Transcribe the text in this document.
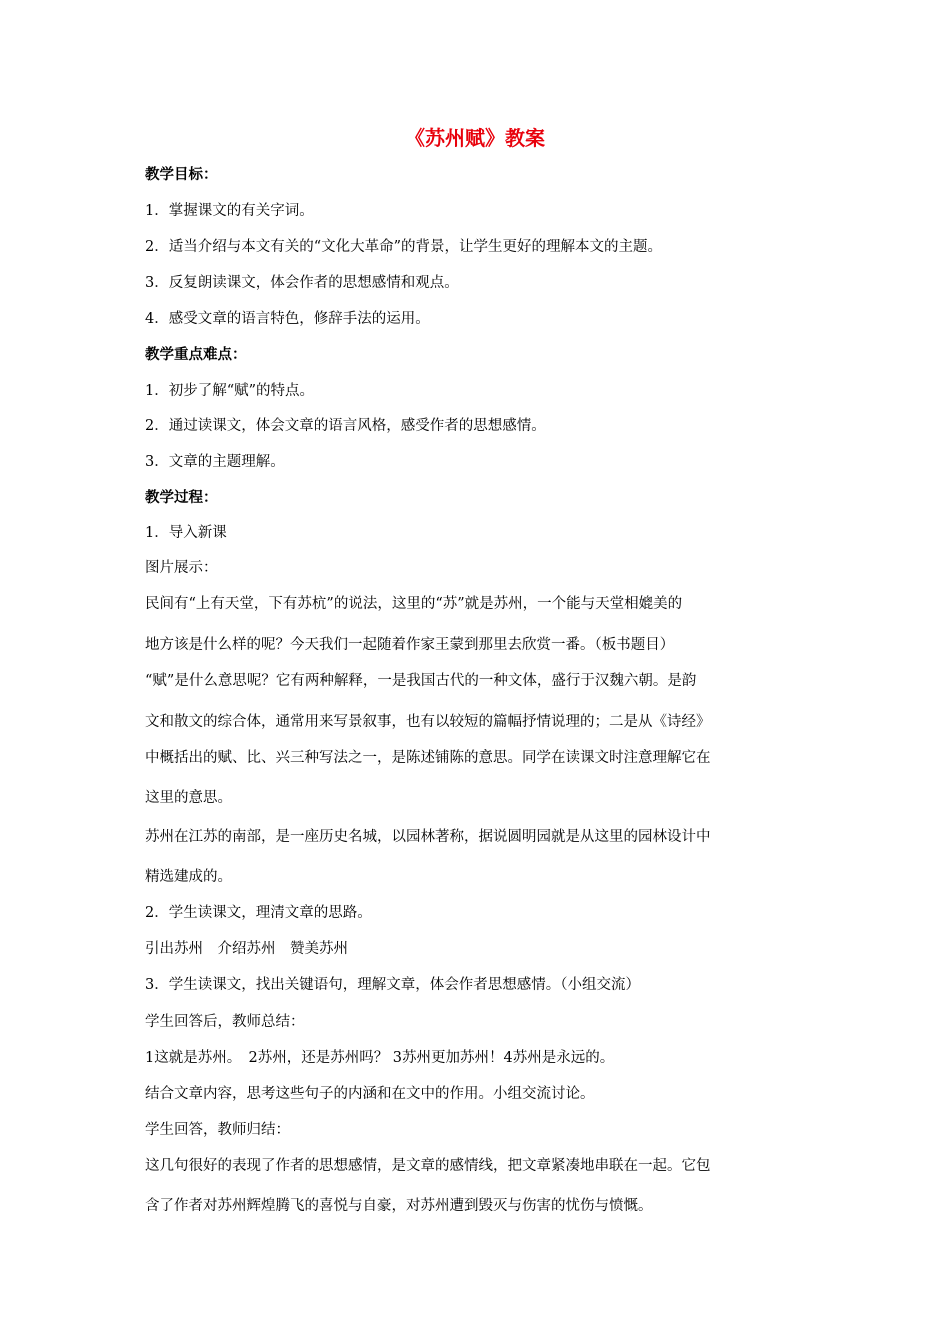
《苏州赋》教案
教学目标：
1．掌握课文的有关字词。
2．适当介绍与本文有关的“文化大革命”的背景，让学生更好的理解本文的主题。
3．反复朗读课文，体会作者的思想感情和观点。
4．感受文章的语言特色，修辞手法的运用。
教学重点难点：
1．初步了解“赋”的特点。
2．通过读课文，体会文章的语言风格，感受作者的思想感情。
3．文章的主题理解。
教学过程：
1．导入新课
图片展示：
民间有“上有天堂，下有苏杭”的说法，这里的“苏”就是苏州，一个能与天堂相媲美的
地方该是什么样的呢？今天我们一起随着作家王蒙到那里去欣赏一番。（板书题目）
“赋”是什么意思呢？它有两种解释，一是我国古代的一种文体，盛行于汉魏六朝。是韵
文和散文的综合体，通常用来写景叙事，也有以较短的篇幅抒情说理的；二是从《诗经》
中概括出的赋、比、兴三种写法之一，是陈述铺陈的意思。同学在读课文时注意理解它在
这里的意思。
苏州在江苏的南部，是一座历史名城，以园林著称，据说圆明园就是从这里的园林设计中
精选建成的。
2．学生读课文，理清文章的思路。
引出苏州　介绍苏州　赞美苏州
3．学生读课文，找出关键语句，理解文章，体会作者思想感情。（小组交流）
学生回答后，教师总结：
1这就是苏州。　2苏州，还是苏州吗？ 3苏州更加苏州！4苏州是永远的。
结合文章内容，思考这些句子的内涵和在文中的作用。小组交流讨论。
学生回答，教师归结：
这几句很好的表现了作者的思想感情，是文章的感情线，把文章紧凑地串联在一起。它包
含了作者对苏州辉煌腾飞的喜悦与自豪，对苏州遭到毁灭与伤害的忧伤与愤慨。
